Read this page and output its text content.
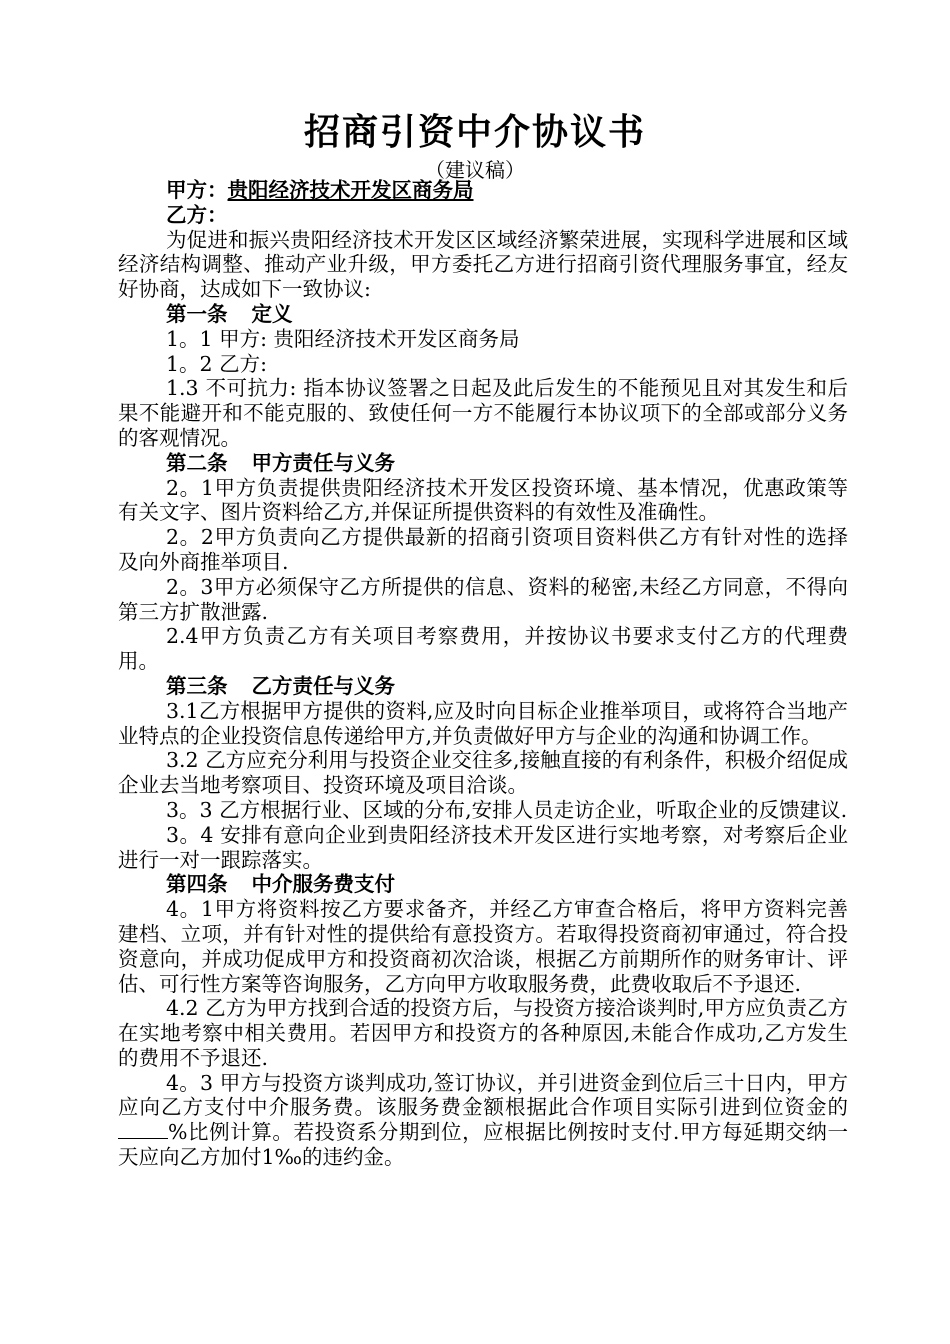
招商引资中介协议书
（建议稿）

甲方：贵阳经济技术开发区商务局

乙方：

为促进和振兴贵阳经济技术开发区区域经济繁荣进展，实现科学进展和区域经济结构调整、推动产业升级，甲方委托乙方进行招商引资代理服务事宜，经友好协商，达成如下一致协议:

第一条 定义

1。1 甲方: 贵阳经济技术开发区商务局

1。2 乙方:

1.3 不可抗力: 指本协议签署之日起及此后发生的不能预见且对其发生和后果不能避开和不能克服的、致使任何一方不能履行本协议项下的全部或部分义务的客观情况。

第二条 甲方责任与义务

2。1甲方负责提供贵阳经济技术开发区投资环境、基本情况，优惠政策等有关文字、图片资料给乙方,并保证所提供资料的有效性及准确性。

2。2甲方负责向乙方提供最新的招商引资项目资料供乙方有针对性的选择及向外商推举项目.

2。3甲方必须保守乙方所提供的信息、资料的秘密,未经乙方同意，不得向第三方扩散泄露.

2.4甲方负责乙方有关项目考察费用，并按协议书要求支付乙方的代理费用。

第三条 乙方责任与义务

3.1乙方根据甲方提供的资料,应及时向目标企业推举项目，或将符合当地产业特点的企业投资信息传递给甲方,并负责做好甲方与企业的沟通和协调工作。

3.2 乙方应充分利用与投资企业交往多,接触直接的有利条件，积极介绍促成企业去当地考察项目、投资环境及项目洽谈。

3。3 乙方根据行业、区域的分布,安排人员走访企业，听取企业的反馈建议.

3。4 安排有意向企业到贵阳经济技术开发区进行实地考察，对考察后企业进行一对一跟踪落实。

第四条 中介服务费支付

4。1甲方将资料按乙方要求备齐，并经乙方审查合格后，将甲方资料完善建档、立项，并有针对性的提供给有意投资方。若取得投资商初审通过，符合投资意向，并成功促成甲方和投资商初次洽谈，根据乙方前期所作的财务审计、评估、可行性方案等咨询服务，乙方向甲方收取服务费，此费收取后不予退还.

4.2 乙方为甲方找到合适的投资方后，与投资方接洽谈判时,甲方应负责乙方在实地考察中相关费用。若因甲方和投资方的各种原因,未能合作成功,乙方发生的费用不予退还.

4。3 甲方与投资方谈判成功,签订协议，并引进资金到位后三十日内，甲方应向乙方支付中介服务费。该服务费金额根据此合作项目实际引进到位资金的%比例计算。若投资系分期到位，应根据比例按时支付.甲方每延期交纳一天应向乙方加付1‰的违约金。
